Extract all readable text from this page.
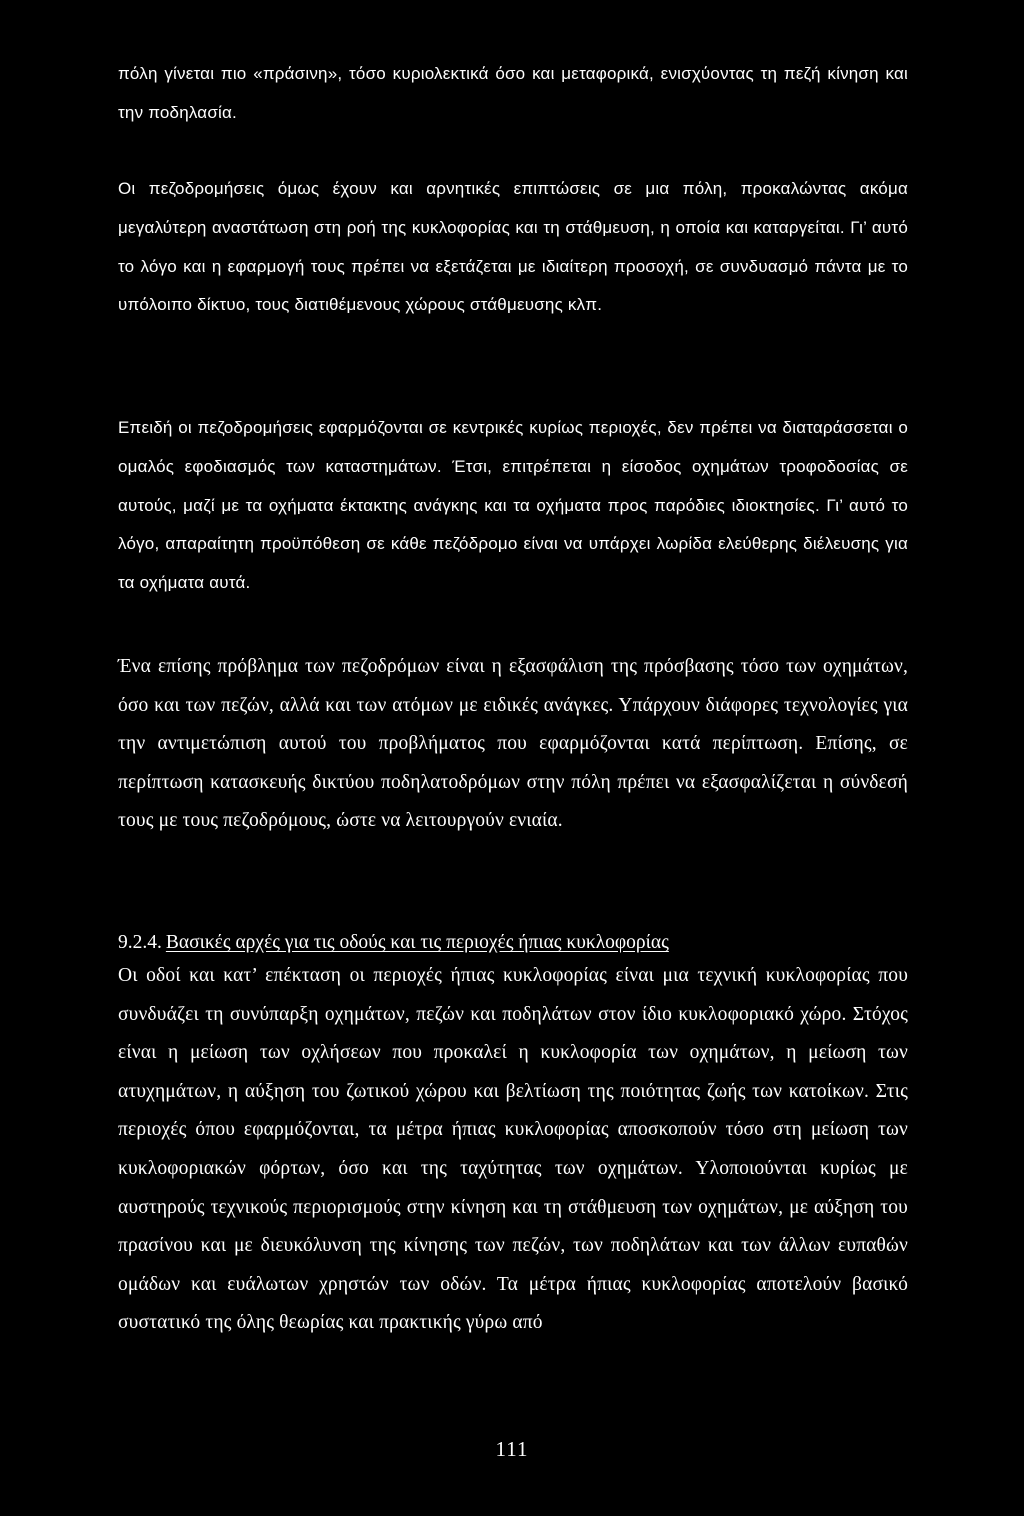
πόλη γίνεται πιο «πράσινη», τόσο κυριολεκτικά όσο και μεταφορικά, ενισχύοντας τη πεζή κίνηση και την ποδηλασία.

Οι πεζοδρομήσεις όμως έχουν και αρνητικές επιπτώσεις σε μια πόλη, προκαλώντας ακόμα μεγαλύτερη αναστάτωση στη ροή της κυκλοφορίας και τη στάθμευση, η οποία και καταργείται. Γι’ αυτό το λόγο και η εφαρμογή τους πρέπει να εξετάζεται με ιδιαίτερη προσοχή, σε συνδυασμό πάντα με το υπόλοιπο δίκτυο, τους διατιθέμενους χώρους στάθμευσης κλπ.

Επειδή οι πεζοδρομήσεις εφαρμόζονται σε κεντρικές κυρίως περιοχές, δεν πρέπει να διαταράσσεται ο ομαλός εφοδιασμός των καταστημάτων. Έτσι, επιτρέπεται η είσοδος οχημάτων τροφοδοσίας σε αυτούς, μαζί με τα οχήματα έκτακτης ανάγκης και τα οχήματα προς παρόδιες ιδιοκτησίες. Γι’ αυτό το λόγο, απαραίτητη προϋπόθεση σε κάθε πεζόδρομο είναι να υπάρχει λωρίδα ελεύθερης διέλευσης για τα οχήματα αυτά.

Ένα επίσης πρόβλημα των πεζοδρόμων είναι η εξασφάλιση της πρόσβασης τόσο των οχημάτων, όσο και των πεζών, αλλά και των ατόμων με ειδικές ανάγκες. Υπάρχουν διάφορες τεχνολογίες για την αντιμετώπιση αυτού του προβλήματος που εφαρμόζονται κατά περίπτωση. Επίσης, σε περίπτωση κατασκευής δικτύου ποδηλατοδρόμων στην πόλη πρέπει να εξασφαλίζεται η σύνδεσή τους με τους πεζοδρόμους, ώστε να λειτουργούν ενιαία.

9.2.4. Βασικές αρχές για τις οδούς και τις περιοχές ήπιας κυκλοφορίας

Οι οδοί και κατ’ επέκταση οι περιοχές ήπιας κυκλοφορίας είναι μια τεχνική κυκλοφορίας που συνδυάζει τη συνύπαρξη οχημάτων, πεζών και ποδηλάτων στον ίδιο κυκλοφοριακό χώρο. Στόχος είναι η μείωση των οχλήσεων που προκαλεί η κυκλοφορία των οχημάτων, η μείωση των ατυχημάτων, η αύξηση του ζωτικού χώρου και βελτίωση της ποιότητας ζωής των κατοίκων. Στις περιοχές όπου εφαρμόζονται, τα μέτρα ήπιας κυκλοφορίας αποσκοπούν τόσο στη μείωση των κυκλοφοριακών φόρτων, όσο και της ταχύτητας των οχημάτων. Υλοποιούνται κυρίως με αυστηρούς τεχνικούς περιορισμούς στην κίνηση και τη στάθμευση των οχημάτων, με αύξηση του πρασίνου και με διευκόλυνση της κίνησης των πεζών, των ποδηλάτων και των άλλων ευπαθών ομάδων και ευάλωτων χρηστών των οδών. Τα μέτρα ήπιας κυκλοφορίας αποτελούν βασικό συστατικό της όλης θεωρίας και πρακτικής γύρω από

111
